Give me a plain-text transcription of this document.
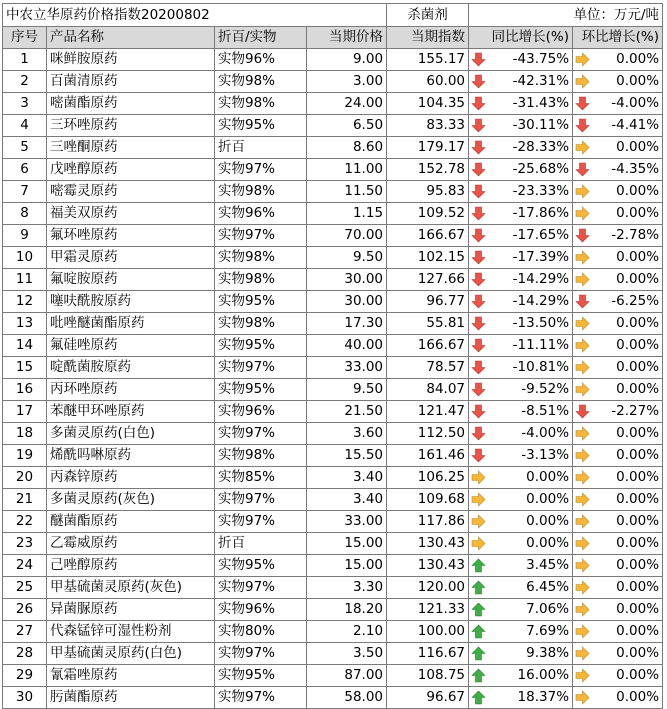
中农立华原药价格指数20200802				杀菌剂	单位：万元/吨	
序号	产品名称	折百/实物	当期价格	当期指数	同比增长(%)	环比增长(%)
1	咪鲜胺原药	实物96%	9.00	155.17	-43.75%	0.00%
2	百菌清原药	实物98%	3.00	60.00	-42.31%	0.00%
3	嘧菌酯原药	实物98%	24.00	104.35	-31.43%	-4.00%
4	三环唑原药	实物95%	6.50	83.33	-30.11%	-4.41%
5	三唑酮原药	折百	8.60	179.17	-28.33%	0.00%
6	戊唑醇原药	实物97%	11.00	152.78	-25.68%	-4.35%
7	嘧霉灵原药	实物98%	11.50	95.83	-23.33%	0.00%
8	福美双原药	实物96%	1.15	109.52	-17.86%	0.00%
9	氟环唑原药	实物97%	70.00	166.67	-17.65%	-2.78%
10	甲霜灵原药	实物98%	9.50	102.15	-17.39%	0.00%
11	氟啶胺原药	实物98%	30.00	127.66	-14.29%	0.00%
12	噻呋酰胺原药	实物95%	30.00	96.77	-14.29%	-6.25%
13	吡唑醚菌酯原药	实物98%	17.30	55.81	-13.50%	0.00%
14	氟硅唑原药	实物95%	40.00	166.67	-11.11%	0.00%
15	啶酰菌胺原药	实物97%	33.00	78.57	-10.81%	0.00%
16	丙环唑原药	实物95%	9.50	84.07	-9.52%	0.00%
17	苯醚甲环唑原药	实物96%	21.50	121.47	-8.51%	-2.27%
18	多菌灵原药(白色)	实物97%	3.60	112.50	-4.00%	0.00%
19	烯酰吗啉原药	实物98%	15.50	161.46	-3.13%	0.00%
20	丙森锌原药	实物85%	3.40	106.25	0.00%	0.00%
21	多菌灵原药(灰色)	实物97%	3.40	109.68	0.00%	0.00%
22	醚菌酯原药	实物97%	33.00	117.86	0.00%	0.00%
23	乙霉威原药	折百	15.00	130.43	0.00%	0.00%
24	己唑醇原药	实物95%	15.00	130.43	3.45%	0.00%
25	甲基硫菌灵原药(灰色)	实物97%	3.30	120.00	6.45%	0.00%
26	异菌脲原药	实物96%	18.20	121.33	7.06%	0.00%
27	代森锰锌可湿性粉剂	实物80%	2.10	100.00	7.69%	0.00%
28	甲基硫菌灵原药(白色)	实物97%	3.50	116.67	9.38%	0.00%
29	氰霜唑原药	实物95%	87.00	108.75	16.00%	0.00%
30	肟菌酯原药	实物97%	58.00	96.67	18.37%	0.00%
